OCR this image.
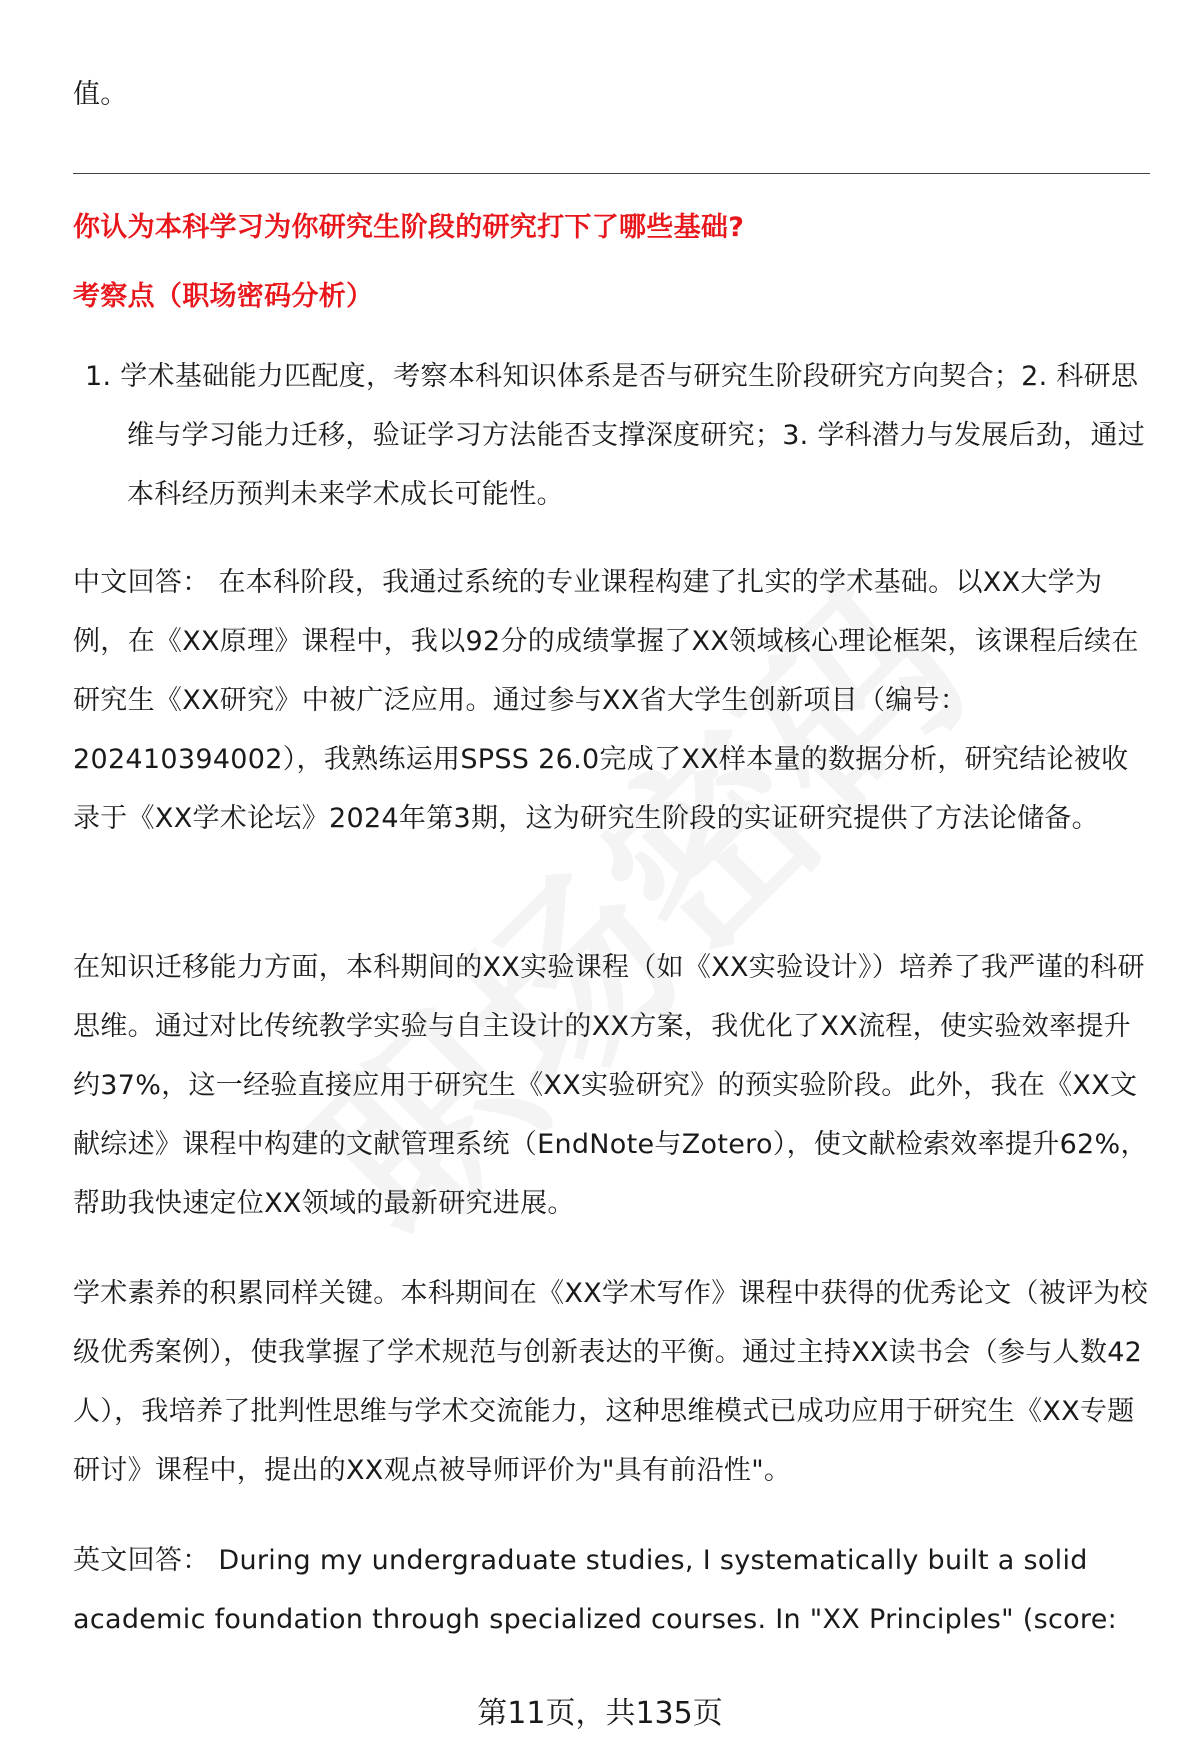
值。
你认为本科学习为你研究生阶段的研究打下了哪些基础?
考察点（职场密码分析）
1. 学术基础能力匹配度，考察本科知识体系是否与研究生阶段研究方向契合；2. 科研思维与学习能力迁移，验证学习方法能否支撑深度研究；3. 学科潜力与发展后劲，通过本科经历预判未来学术成长可能性。
中文回答： 在本科阶段，我通过系统的专业课程构建了扎实的学术基础。以XX大学为例，在《XX原理》课程中，我以92分的成绩掌握了XX领域核心理论框架，该课程后续在研究生《XX研究》中被广泛应用。通过参与XX省大学生创新项目（编号：202410394002），我熟练运用SPSS 26.0完成了XX样本量的数据分析，研究结论被收录于《XX学术论坛》2024年第3期，这为研究生阶段的实证研究提供了方法论储备。
在知识迁移能力方面，本科期间的XX实验课程（如《XX实验设计》）培养了我严谨的科研思维。通过对比传统教学实验与自主设计的XX方案，我优化了XX流程，使实验效率提升约37%，这一经验直接应用于研究生《XX实验研究》的预实验阶段。此外，我在《XX文献综述》课程中构建的文献管理系统（EndNote与Zotero），使文献检索效率提升62%，帮助我快速定位XX领域的最新研究进展。
学术素养的积累同样关键。本科期间在《XX学术写作》课程中获得的优秀论文（被评为校级优秀案例），使我掌握了学术规范与创新表达的平衡。通过主持XX读书会（参与人数42人），我培养了批判性思维与学术交流能力，这种思维模式已成功应用于研究生《XX专题研讨》课程中，提出的XX观点被导师评价为"具有前沿性"。
英文回答： During my undergraduate studies, I systematically built a solid academic foundation through specialized courses. In "XX Principles" (score:
第11页，共135页
